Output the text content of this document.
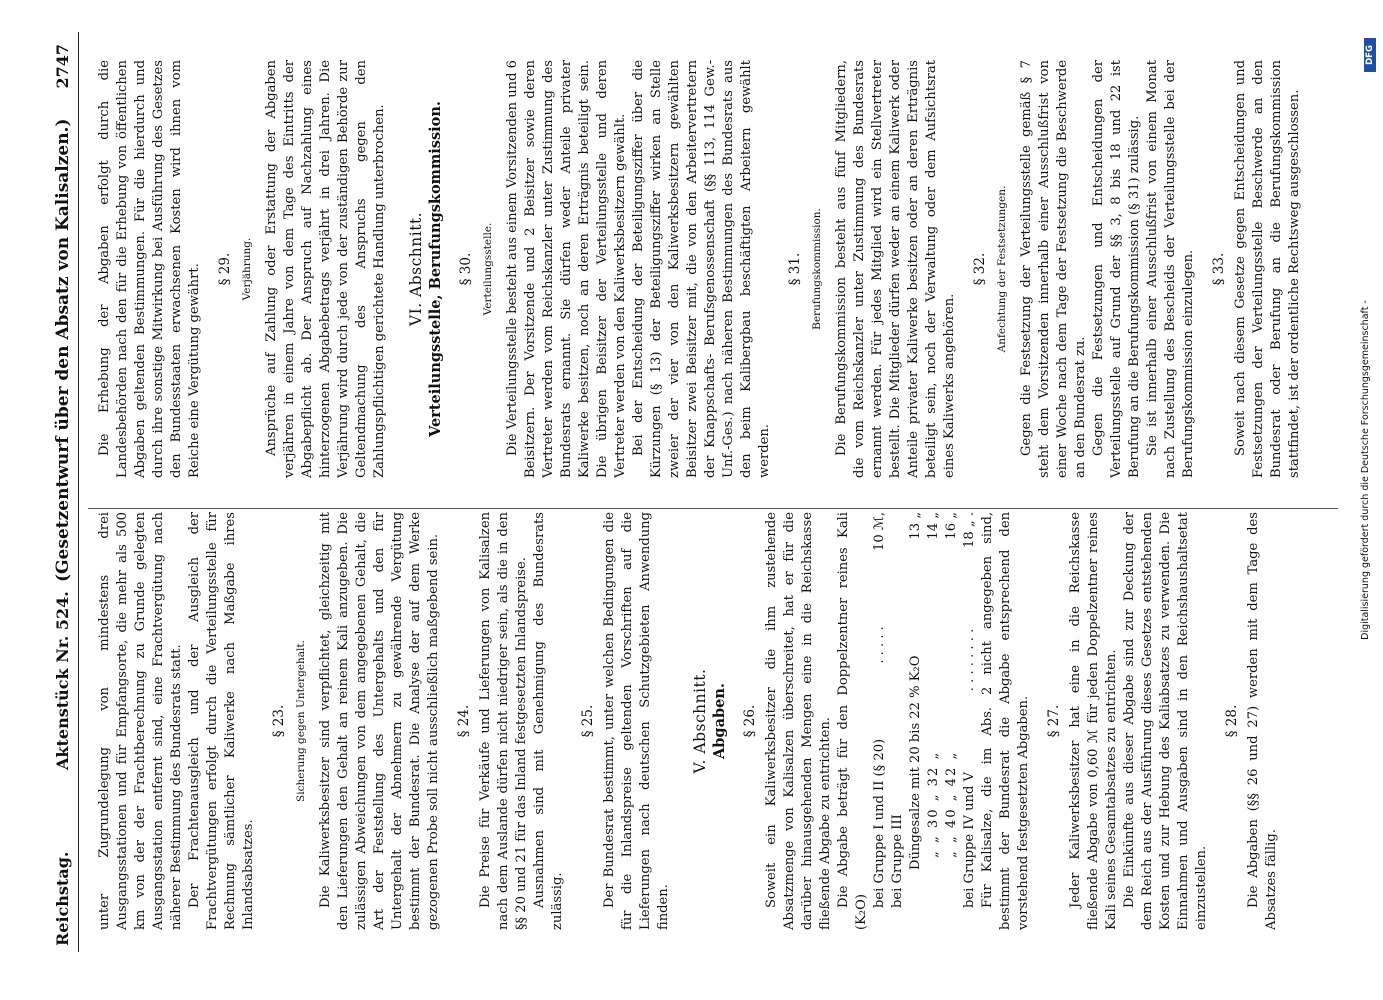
Reichstag.
Aktenstück Nr. 524.
(Gesetzentwurf über den Absatz von Kalisalzen.)
2747

unter Zugrundelegung von mindestens drei Ausgangsstationen und für Empfangsorte, die mehr als 500 km von der der Frachtberechnung zu Grunde gelegten Ausgangsstation entfernt sind, eine Frachtvergütung nach näherer Bestimmung des Bundesrats statt. Der Frachtenausgleich und der Ausgleich der Frachtvergütungen erfolgt durch die Verteilungsstelle für Rechnung sämtlicher Kaliwerke nach Maßgabe ihres Inlandsabsatzes.

§ 23. Sicherung gegen Untergehalt. Die Kaliwerksbesitzer sind verpflichtet, gleichzeitig mit den Lieferungen den Gehalt an reinem Kali anzugeben. Die zulässigen Abweichungen von dem angegebenen Gehalt, die Art der Feststellung des Untergehalts und den für Untergehalt der Abnehmern zu gewährende Vergütung bestimmt der Bundesrat. Die Analyse der auf dem Werke gezogenen Probe soll nicht ausschließlich maßgebend sein. § 24. Die Preise für Verkäufe und Lieferungen von Kalisalzen nach dem Auslande dürfen nicht niedriger sein, als die in den §§ 20 und 21 für das Inland festgesetzten Inlandspreise. Ausnahmen sind mit Genehmigung des Bundesrats zulässig.

§ 25. Der Bundesrat bestimmt, unter welchen Bedingungen die für die Inlandspreise geltenden Vorschriften auf die Lieferungen nach deutschen Schutzgebieten Anwendung finden.

V. Abschnitt. Abgaben. § 26. Soweit ein Kaliwerksbesitzer die ihm zustehende Absatzmenge von Kalisalzen überschreitet, hat er für die darüber hinausgehenden Mengen eine in die Reichskasse fließende Abgabe zu entrichten. Die Abgabe beträgt für den Doppelzentner reines Kali (K₂O)

bei Gruppe I und II (§ 20)
. . . . .
10 ℳ,
bei Gruppe III Düngesalze mit 20 bis 22 % K₂O
13 „
„ „ 30 „ 32 „
14 „
„ „ 40 „ 42 „
16 „
bei Gruppe IV und V
. . . . . . . .
18 „ . Für Kalisalze, die im Abs. 2 nicht angegeben sind, bestimmt der Bundesrat die Abgabe entsprechend den vorstehend festgesetzten Abgaben. § 27. Jeder Kaliwerksbesitzer hat eine in die Reichskasse fließende Abgabe von 0,60 ℳ für jeden Doppelzentner reines Kali seines Gesamtabsatzes zu entrichten. Die Einkünfte aus dieser Abgabe sind zur Deckung der dem Reich aus der Ausführung dieses Gesetzes entstehenden Kosten und zur Hebung des Kaliabsatzes zu verwenden. Die Einnahmen und Ausgaben sind in den Reichshaushaltsetat einzustellen.

§ 28. Die Abgaben (§§ 26 und 27) werden mit dem Tage des Absatzes fällig.

Die Erhebung der Abgaben erfolgt durch die Landesbehörden nach den für die Erhebung von öffentlichen Abgaben geltenden Bestimmungen. Für die hierdurch und durch ihre sonstige Mitwirkung bei Ausführung des Gesetzes den Bundesstaaten erwachsenen Kosten wird ihnen vom Reiche eine Vergütung gewährt. § 29. Verjährung. Ansprüche auf Zahlung oder Erstattung der Abgaben verjähren in einem Jahre von dem Tage des Eintritts der Abgabepflicht ab. Der Anspruch auf Nachzahlung eines hinterzogenen Abgabebetrags verjährt in drei Jahren. Die Verjährung wird durch jede von der zuständigen Behörde zur Geltendmachung des Anspruchs gegen den Zahlungspflichtigen gerichtete Handlung unterbrochen. VI. Abschnitt. Verteilungsstelle, Berufungskommission. § 30. Verteilungsstelle. Die Verteilungsstelle besteht aus einem Vorsitzenden und 6 Beisitzern. Der Vorsitzende und 2 Beisitzer sowie deren Vertreter werden vom Reichskanzler unter Zustimmung des Bundesrats ernannt. Sie dürfen weder Anteile privater Kaliwerke besitzen, noch an deren Erträgnis beteiligt sein. Die übrigen Beisitzer der Verteilungsstelle und deren Vertreter werden von den Kaliwerksbesitzern gewählt. Bei der Entscheidung der Beteiligungsziffer über die Kürzungen (§ 13) der Beteiligungsziffer wirken an Stelle zweier der vier von den Kaliwerksbesitzern gewählten Beisitzer zwei Beisitzer mit, die von den Arbeitervertretern der Knappschafts- Berufsgenossenschaft (§§ 113, 114 Gew.-Unf.-Ges.) nach näheren Bestimmungen des Bundesrats aus den beim Kalibergbau beschäftigten Arbeitern gewählt werden.

§ 31. Berufungskommission. Die Berufungskommission besteht aus fünf Mitgliedern, die vom Reichskanzler unter Zustimmung des Bundesrats ernannt werden. Für jedes Mitglied wird ein Stellvertreter bestellt. Die Mitglieder dürfen weder an einem Kaliwerk oder Anteile privater Kaliwerke besitzen oder an deren Erträgnis beteiligt sein, noch der Verwaltung oder dem Aufsichtsrat eines Kaliwerks angehören.

§ 32. Anfechtung der Festsetzungen. Gegen die Festsetzung der Verteilungsstelle gemäß § 7 steht dem Vorsitzenden innerhalb einer Ausschlußfrist von einer Woche nach dem Tage der Festsetzung die Beschwerde an den Bundesrat zu. Gegen die Festsetzungen und Entscheidungen der Verteilungsstelle auf Grund der §§ 3, 8 bis 18 und 22 ist Berufung an die Berufungskommission (§ 31) zulässig. Sie ist innerhalb einer Ausschlußfrist von einem Monat nach Zustellung des Bescheids der Verteilungsstelle bei der Berufungskommission einzulegen. § 33. Soweit nach diesem Gesetze gegen Entscheidungen und Festsetzungen der Verteilungsstelle Beschwerde an den Bundesrat oder Berufung an die Berufungskommission stattfindet, ist der ordentliche Rechtsweg ausgeschlossen.	Digitalisierung gefördert durch die Deutsche Forschungsgemeinschaft -
DFG
